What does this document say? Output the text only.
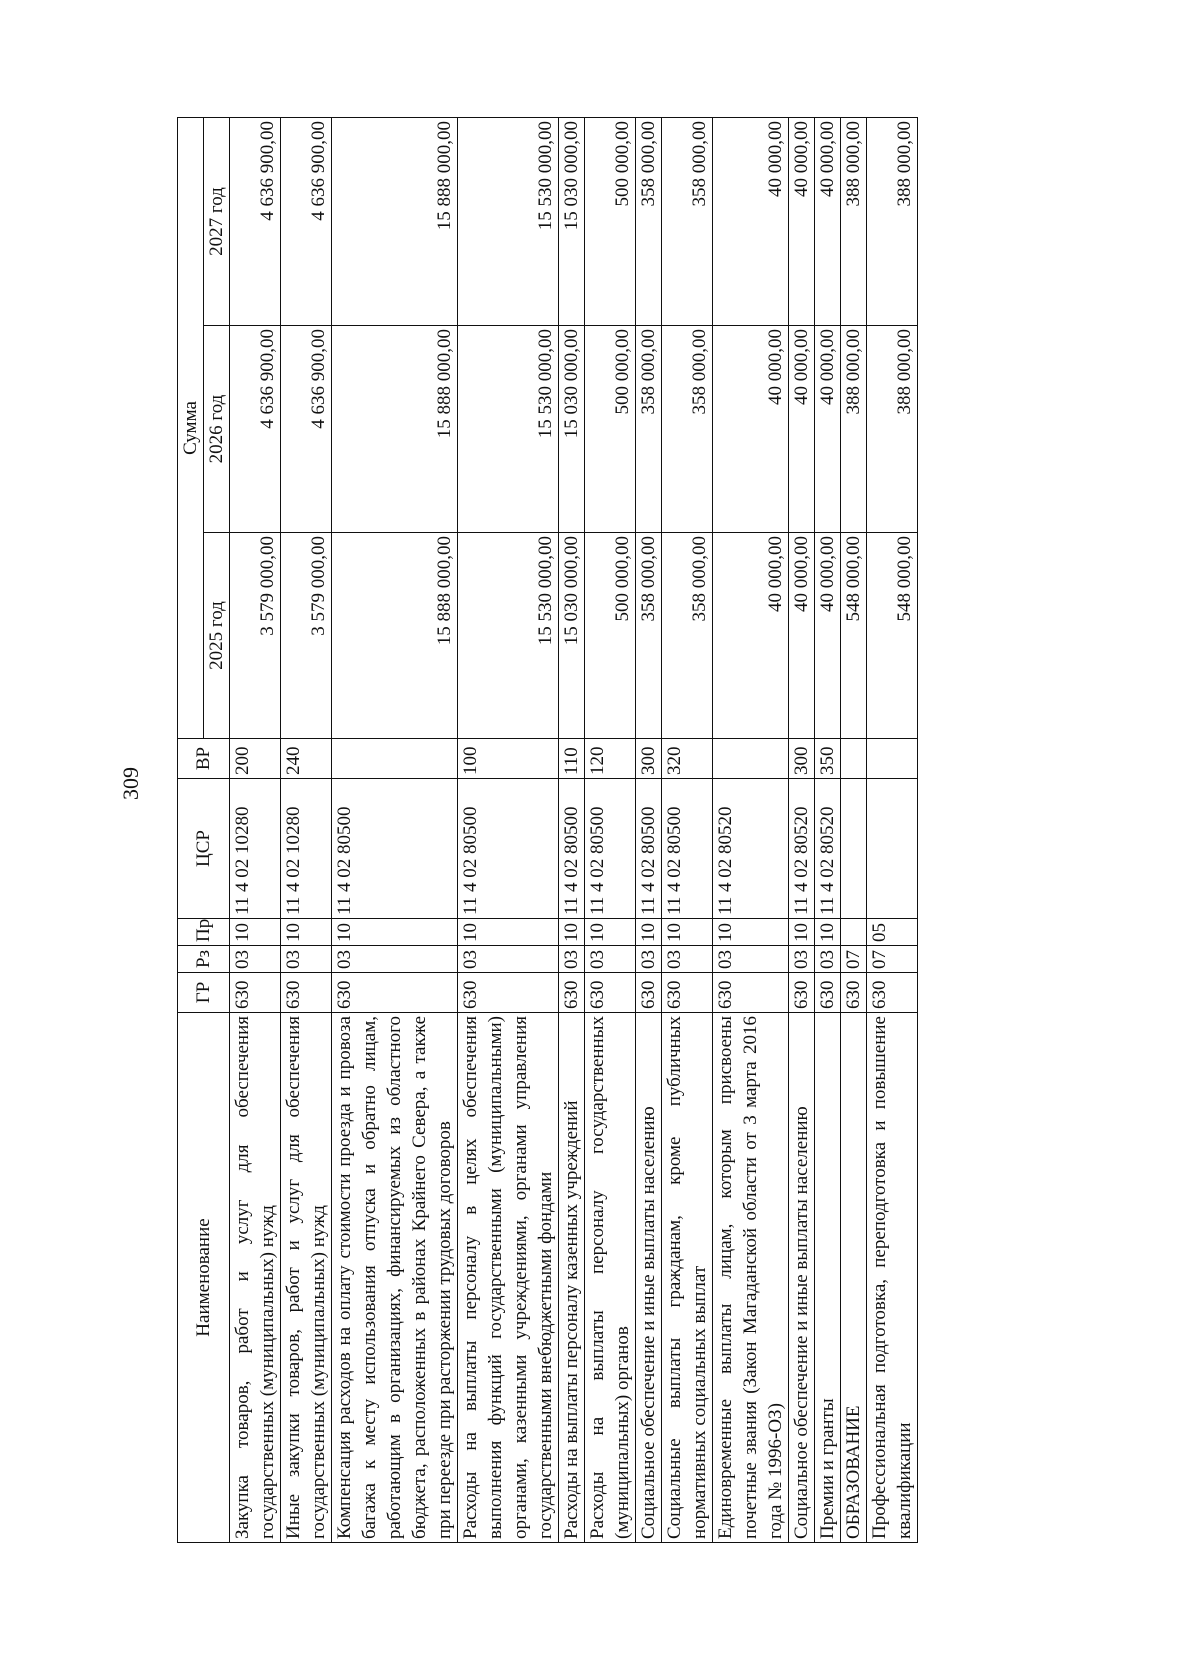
309
Наименование	ГР	Рз	Пр	ЦСР	ВР	Сумма		
						2025 год	2026 год	2027 год
Закупка товаров, работ и услуг для обеспечения государственных (муниципальных) нужд	630	03	10	11 4 02 10280	200	3 579 000,00	4 636 900,00	4 636 900,00
Иные закупки товаров, работ и услуг для обеспечения государственных (муниципальных) нужд	630	03	10	11 4 02 10280	240	3 579 000,00	4 636 900,00	4 636 900,00
Компенсация расходов на оплату стоимости проезда и провоза багажа к месту использования отпуска и обратно лицам, работающим в организациях, финансируемых из областного бюджета, расположенных в районах Крайнего Севера, а также при переезде при расторжении трудовых договоров	630	03	10	11 4 02 80500		15 888 000,00	15 888 000,00	15 888 000,00
Расходы на выплаты персоналу в целях обеспечения выполнения функций государственными (муниципальными) органами, казенными учреждениями, органами управления государственными внебюджетными фондами	630	03	10	11 4 02 80500	100	15 530 000,00	15 530 000,00	15 530 000,00
Расходы на выплаты персоналу казенных учреждений	630	03	10	11 4 02 80500	110	15 030 000,00	15 030 000,00	15 030 000,00
Расходы на выплаты персоналу государственных (муниципальных) органов	630	03	10	11 4 02 80500	120	500 000,00	500 000,00	500 000,00
Социальное обеспечение и иные выплаты населению	630	03	10	11 4 02 80500	300	358 000,00	358 000,00	358 000,00
Социальные выплаты гражданам, кроме публичных нормативных социальных выплат	630	03	10	11 4 02 80500	320	358 000,00	358 000,00	358 000,00
Единовременные выплаты лицам, которым присвоены почетные звания (Закон Магаданской области от 3 марта 2016 года № 1996-ОЗ)	630	03	10	11 4 02 80520		40 000,00	40 000,00	40 000,00
Социальное обеспечение и иные выплаты населению	630	03	10	11 4 02 80520	300	40 000,00	40 000,00	40 000,00
Премии и гранты	630	03	10	11 4 02 80520	350	40 000,00	40 000,00	40 000,00
ОБРАЗОВАНИЕ	630	07				548 000,00	388 000,00	388 000,00
Профессиональная подготовка, переподготовка и повышение квалификации	630	07	05			548 000,00	388 000,00	388 000,00
